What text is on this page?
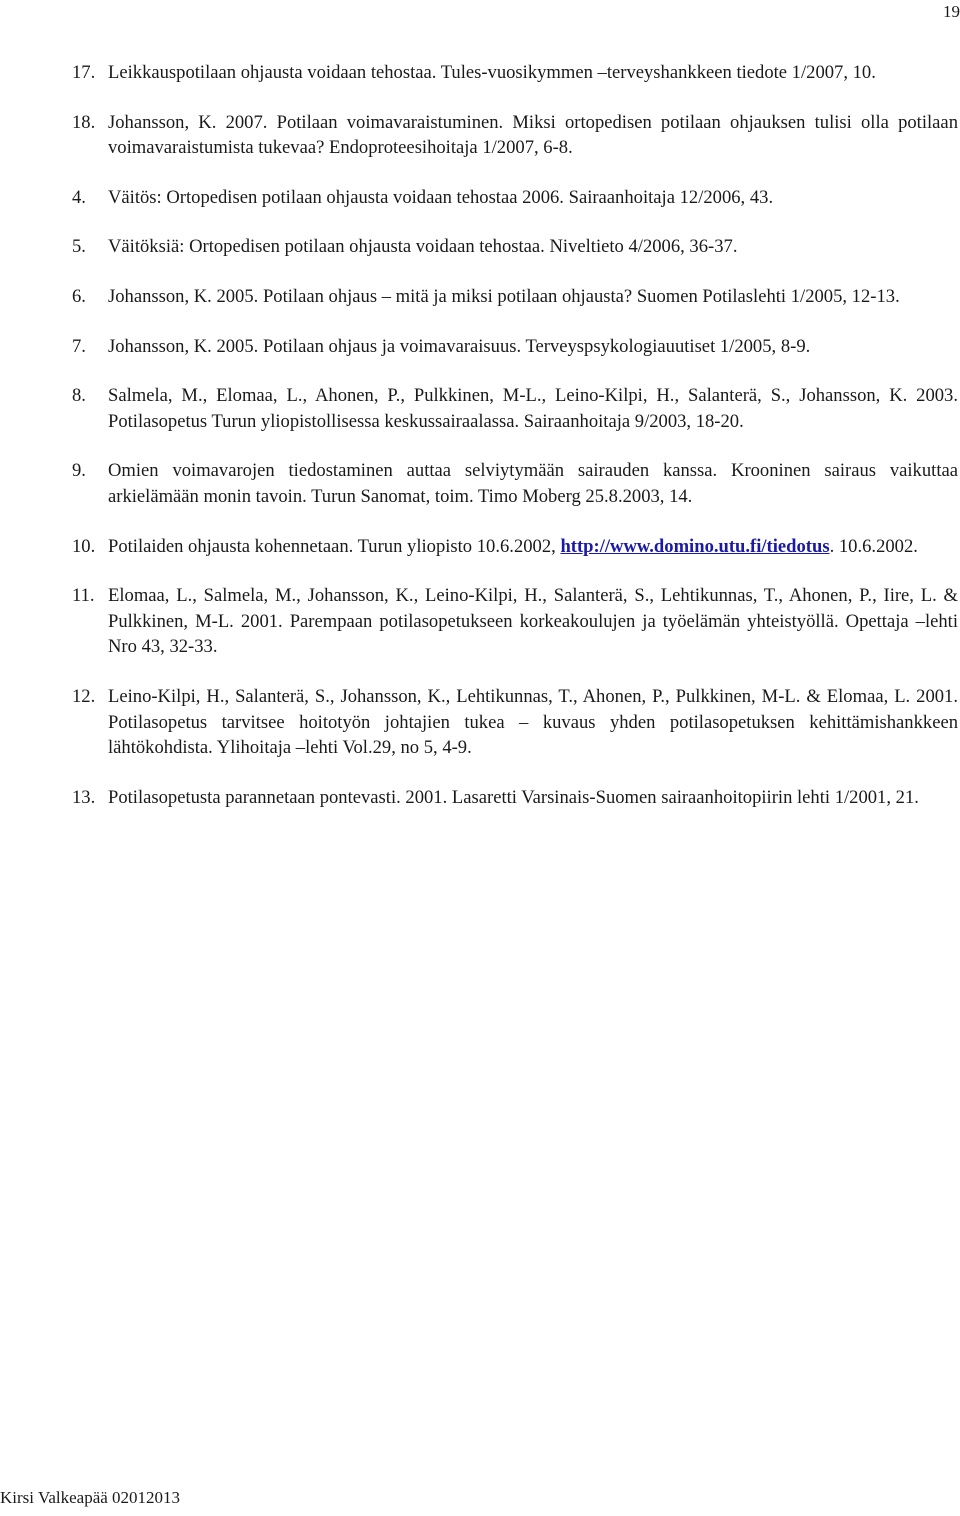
19
17. Leikkauspotilaan ohjausta voidaan tehostaa. Tules-vuosikymmen –terveyshankkeen tiedote 1/2007, 10.
18. Johansson, K. 2007. Potilaan voimavaraistuminen. Miksi ortopedisen potilaan ohjauksen tulisi olla potilaan voimavaraistumista tukevaa? Endoproteesihoitaja 1/2007, 6-8.
4.	Väitös: Ortopedisen potilaan ohjausta voidaan tehostaa 2006. Sairaanhoitaja 12/2006, 43.
5.	Väitöksiä: Ortopedisen potilaan ohjausta voidaan tehostaa. Niveltieto 4/2006, 36-37.
6.	Johansson, K. 2005. Potilaan ohjaus – mitä ja miksi potilaan ohjausta? Suomen Potilaslehti 1/2005, 12-13.
7.	Johansson, K. 2005. Potilaan ohjaus ja voimavaraisuus. Terveyspsykologiauutiset 1/2005, 8-9.
8.	Salmela, M., Elomaa, L., Ahonen, P., Pulkkinen, M-L., Leino-Kilpi, H., Salanterä, S., Johansson, K. 2003. Potilasopetus Turun yliopistollisessa keskussairaalassa. Sairaanhoitaja 9/2003, 18-20.
9.	Omien voimavarojen tiedostaminen auttaa selviytymään sairauden kanssa. Krooninen sairaus vaikuttaa arkielämään monin tavoin. Turun Sanomat, toim. Timo Moberg 25.8.2003, 14.
10. Potilaiden ohjausta kohennetaan. Turun yliopisto 10.6.2002, http://www.domino.utu.fi/tiedotus. 10.6.2002.
11. Elomaa, L., Salmela, M., Johansson, K., Leino-Kilpi, H., Salanterä, S., Lehtikunnas, T., Ahonen, P., Iire, L. & Pulkkinen, M-L. 2001. Parempaan potilasopetukseen korkeakoulujen ja työelämän yhteistyöllä. Opettaja –lehti Nro 43, 32-33.
12. Leino-Kilpi, H., Salanterä, S., Johansson, K., Lehtikunnas, T., Ahonen, P., Pulkkinen, M-L. & Elomaa, L. 2001. Potilasopetus tarvitsee hoitotyön johtajien tukea – kuvaus yhden potilasopetuksen kehittämishankkeen lähtökohdista. Ylihoitaja –lehti Vol.29, no 5, 4-9.
13. Potilasopetusta parannetaan pontevasti. 2001. Lasaretti Varsinais-Suomen sairaanhoitopiirin lehti 1/2001, 21.
Kirsi Valkeapää 02012013
